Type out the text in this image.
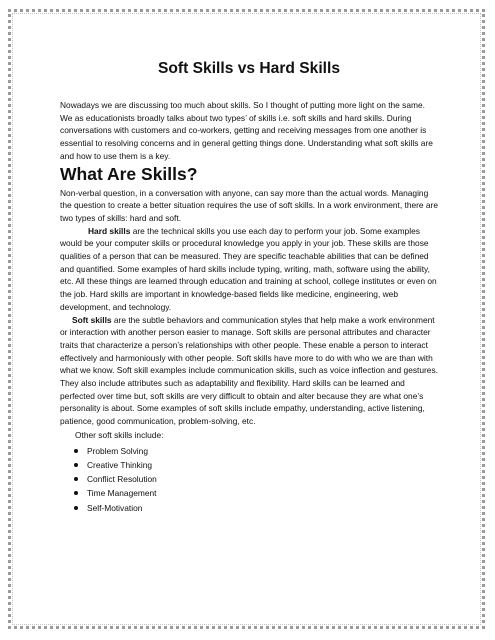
Soft Skills vs Hard Skills

Nowadays we are discussing too much about skills. So I thought of putting more light on the same. We as educationists broadly talks about two types’ of skills i.e. soft skills and hard skills. During conversations with customers and co-workers, getting and receiving messages from one another is essential to resolving concerns and in general getting things done. Understanding what soft skills are and how to use them is a key.

What Are Skills?

Non-verbal question, in a conversation with anyone, can say more than the actual words. Managing the question to create a better situation requires the use of soft skills. In a work environment, there are two types of skills: hard and soft.

Hard skills are the technical skills you use each day to perform your job. Some examples would be your computer skills or procedural knowledge you apply in your job. These skills are those qualities of a person that can be measured. They are specific teachable abilities that can be defined and quantified. Some examples of hard skills include typing, writing, math, software using the ability, etc. All these things are learned through education and training at school, college institutes or even on the job. Hard skills are important in knowledge-based fields like medicine, engineering, web development, and technology.

Soft skills are the subtle behaviors and communication styles that help make a work environment or interaction with another person easier to manage. Soft skills are personal attributes and character traits that characterize a person’s relationships with other people. These enable a person to interact effectively and harmoniously with other people. Soft skills have more to do with who we are than with what we know. Soft skill examples include communication skills, such as voice inflection and gestures. They also include attributes such as adaptability and flexibility. Hard skills can be learned and perfected over time but, soft skills are very difficult to obtain and alter because they are what one’s personality is about. Some examples of soft skills include empathy, understanding, active listening, patience, good communication, problem-solving, etc.

Other soft skills include:

Problem Solving
Creative Thinking
Conflict Resolution
Time Management
Self-Motivation
